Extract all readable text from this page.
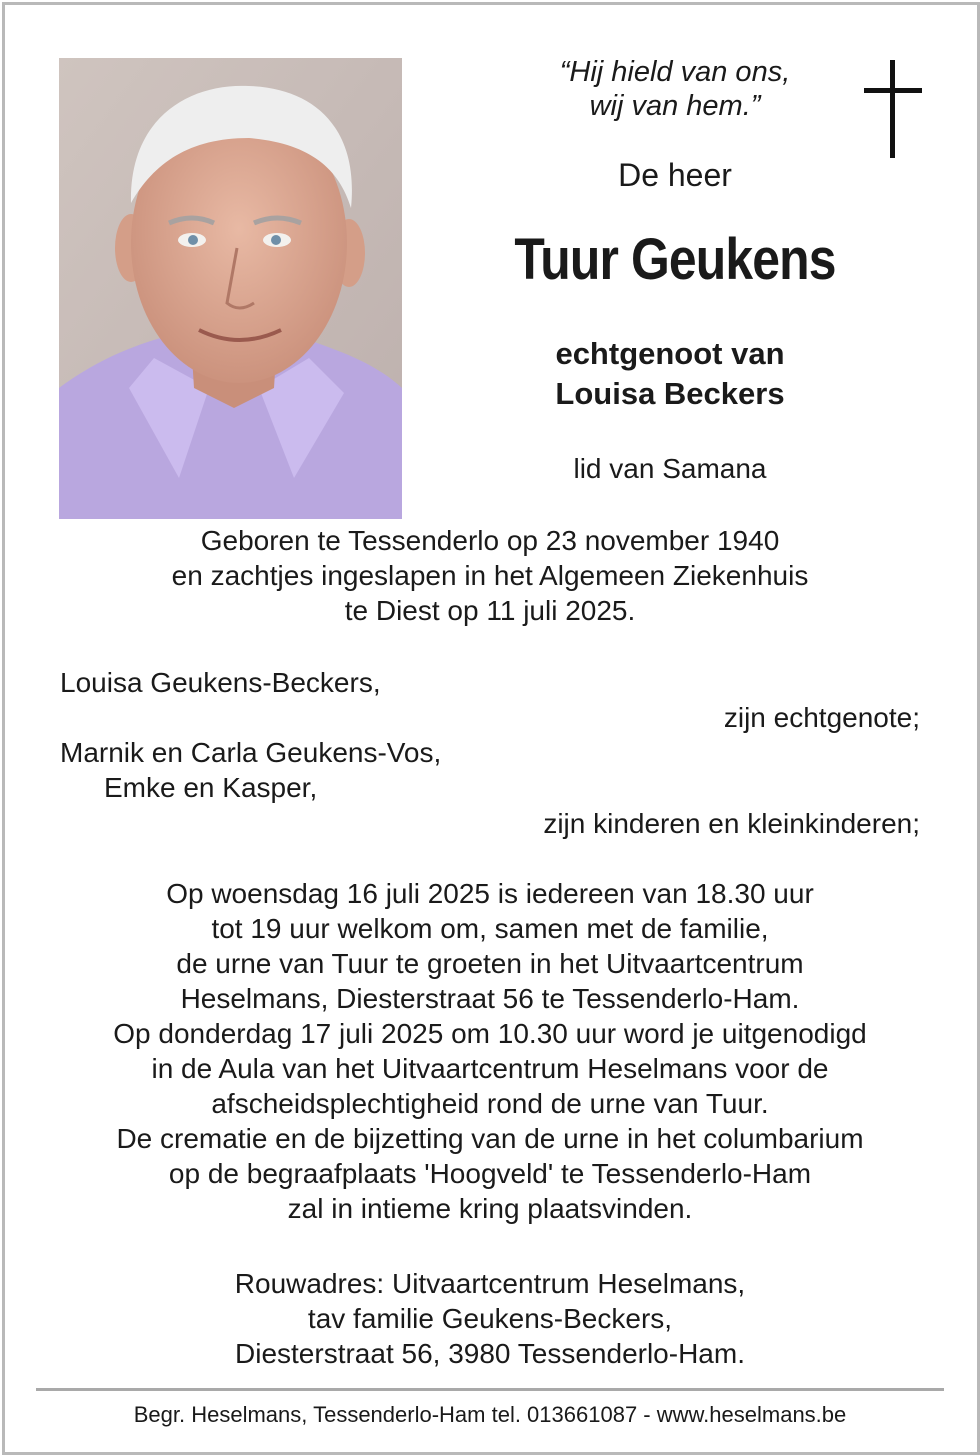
“Hij hield van ons,
wij van hem.”
De heer
Tuur Geukens
echtgenoot van
Louisa Beckers
lid van Samana
Geboren te Tessenderlo op 23 november 1940
en zachtjes ingeslapen in het Algemeen Ziekenhuis
te Diest op 11 juli 2025.
Louisa Geukens-Beckers,
zijn echtgenote;
Marnik en Carla Geukens-Vos,
Emke en Kasper,
zijn kinderen en kleinkinderen;
Op woensdag 16 juli 2025 is iedereen van 18.30 uur
tot 19 uur welkom om, samen met de familie,
de urne van Tuur te groeten in het Uitvaartcentrum
Heselmans, Diesterstraat 56 te Tessenderlo-Ham.
Op donderdag 17 juli 2025 om 10.30 uur word je uitgenodigd
in de Aula van het Uitvaartcentrum Heselmans voor de
afscheidsplechtigheid rond de urne van Tuur.
De crematie en de bijzetting van de urne in het columbarium
op de begraafplaats 'Hoogveld' te Tessenderlo-Ham
zal in intieme kring plaatsvinden.
Rouwadres: Uitvaartcentrum Heselmans,
tav familie Geukens-Beckers,
Diesterstraat 56, 3980 Tessenderlo-Ham.
Begr. Heselmans, Tessenderlo-Ham tel. 013661087 - www.heselmans.be
